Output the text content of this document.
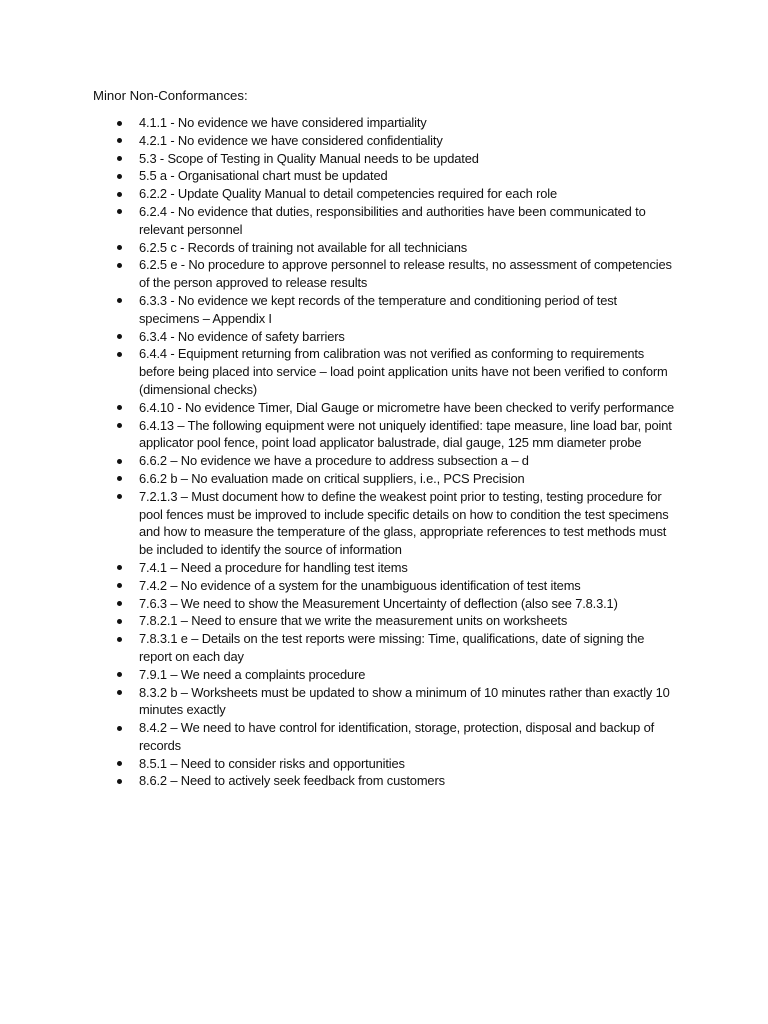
Minor Non-Conformances:
4.1.1 - No evidence we have considered impartiality
4.2.1 - No evidence we have considered confidentiality
5.3 - Scope of Testing in Quality Manual needs to be updated
5.5 a - Organisational chart must be updated
6.2.2 - Update Quality Manual to detail competencies required for each role
6.2.4 - No evidence that duties, responsibilities and authorities have been communicated to relevant personnel
6.2.5 c - Records of training not available for all technicians
6.2.5 e - No procedure to approve personnel to release results, no assessment of competencies of the person approved to release results
6.3.3 - No evidence we kept records of the temperature and conditioning period of test specimens – Appendix I
6.3.4 - No evidence of safety barriers
6.4.4 - Equipment returning from calibration was not verified as conforming to requirements before being placed into service – load point application units have not been verified to conform (dimensional checks)
6.4.10 - No evidence Timer, Dial Gauge or micrometre have been checked to verify performance
6.4.13 – The following equipment were not uniquely identified: tape measure, line load bar, point applicator pool fence, point load applicator balustrade, dial gauge, 125 mm diameter probe
6.6.2 – No evidence we have a procedure to address subsection a – d
6.6.2 b – No evaluation made on critical suppliers, i.e., PCS Precision
7.2.1.3 – Must document how to define the weakest point prior to testing, testing procedure for pool fences must be improved to include specific details on how to condition the test specimens and how to measure the temperature of the glass, appropriate references to test methods must be included to identify the source of information
7.4.1 – Need a procedure for handling test items
7.4.2 – No evidence of a system for the unambiguous identification of test items
7.6.3 – We need to show the Measurement Uncertainty of deflection (also see 7.8.3.1)
7.8.2.1 – Need to ensure that we write the measurement units on worksheets
7.8.3.1 e – Details on the test reports were missing: Time, qualifications, date of signing the report on each day
7.9.1 – We need a complaints procedure
8.3.2 b – Worksheets must be updated to show a minimum of 10 minutes rather than exactly 10 minutes exactly
8.4.2 – We need to have control for identification, storage, protection, disposal and backup of records
8.5.1 – Need to consider risks and opportunities
8.6.2 – Need to actively seek feedback from customers
